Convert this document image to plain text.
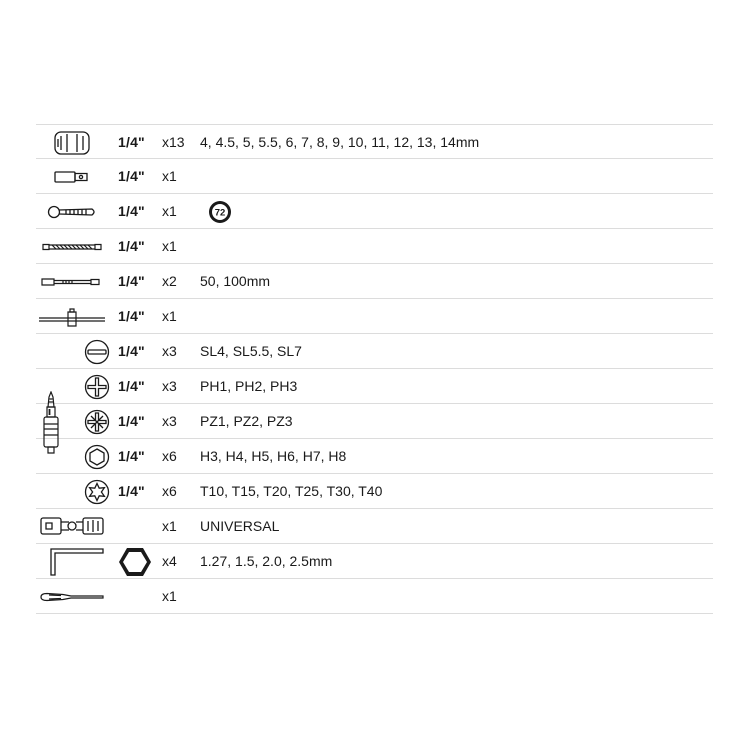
1/4" x13 4, 4.5, 5, 5.5, 6, 7, 8, 9, 10, 11, 12, 13, 14mm
1/4" x1
1/4" x1	72
1/4" x1
1/4" x2 50, 100mm
1/4" x1
1/4" x3 SL4, SL5.5, SL7
1/4" x3 PH1, PH2, PH3
1/4" x3 PZ1, PZ2, PZ3
1/4" x6 H3, H4, H5, H6, H7, H8
1/4" x6 T10, T15, T20, T25, T30, T40
x1 UNIVERSAL
x4 1.27, 1.5, 2.0, 2.5mm
x1
